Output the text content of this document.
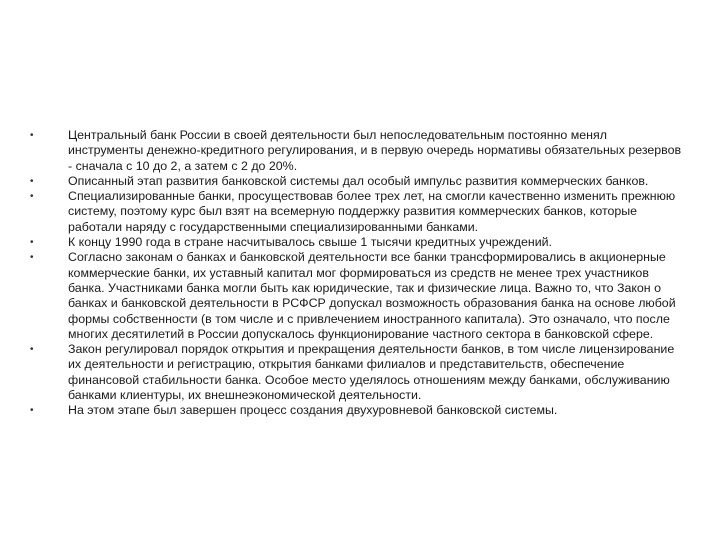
•	Центральный банк России в своей деятельности был непоследовательным постоянно менял инструменты денежно-кредитного регулирования, и в первую очередь нормативы обязательных резервов - сначала с 10 до 2, а затем с 2 до 20%.
•	Описанный этап развития банковской системы дал особый импульс развития коммерческих банков.
•	Специализированные банки, просуществовав более трех лет, на смогли качественно изменить прежнюю систему, поэтому курс был взят на всемерную поддержку развития коммерческих банков, которые работали наряду с государственными специализированными банками.
•	К концу 1990 года в стране насчитывалось свыше 1 тысячи кредитных учреждений.
•	Согласно законам о банках и банковской деятельности все банки трансформировались в акционерные коммерческие банки, их уставный капитал мог формироваться из средств не менее трех участников банка. Участниками банка могли быть как юридические, так и физические лица. Важно то, что Закон о банках и банковской деятельности в РСФСР допускал возможность образования банка на основе любой формы собственности (в том числе и с привлечением иностранного капитала). Это означало, что после многих десятилетий в России допускалось функционирование частного сектора в банковской сфере.
•	Закон регулировал порядок открытия и прекращения деятельности банков, в том числе лицензирование их деятельности и регистрацию, открытия банками филиалов и представительств, обеспечение финансовой стабильности банка. Особое место уделялось отношениям между банками, обслуживанию банками клиентуры, их внешнеэкономической деятельности.
•	На этом этапе был завершен процесс создания двухуровневой банковской системы.
